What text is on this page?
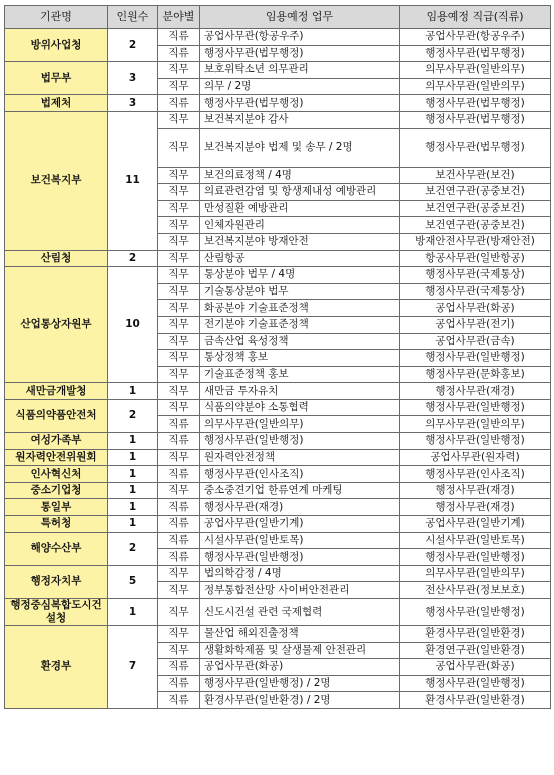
기관명	인원수	분야별	임용예정 업무	임용예정 직급(직류)
방위사업청	2	직류	공업사무관(항공우주)	공업사무관(항공우주)
		직류	행정사무관(법무행정)	행정사무관(법무행정)
법무부	3	직무	보호위탁소년 의무관리	의무사무관(일반의무)
		직무	의무 / 2명	의무사무관(일반의무)
법제처	3	직류	행정사무관(법무행정)	행정사무관(법무행정)
보건복지부	11	직무	보건복지분야 감사	행정사무관(법무행정)
		직무	보건복지분야 법제 및 송무 / 2명	행정사무관(법무행정)
		직무	보건의료정책 / 4명	보건사무관(보건)
		직무	의료관련감염 및 항생제내성 예방관리	보건연구관(공중보건)
		직무	만성질환 예방관리	보건연구관(공중보건)
		직무	인체자원관리	보건연구관(공중보건)
		직무	보건복지분야 방재안전	방재안전사무관(방재안전)
산림청	2	직무	산림항공	항공사무관(일반항공)
산업통상자원부	10	직무	통상분야 법무 / 4명	행정사무관(국제통상)
		직무	기술통상분야 법무	행정사무관(국제통상)
		직무	화공분야 기술표준정책	공업사무관(화공)
		직무	전기분야 기술표준정책	공업사무관(전기)
		직무	금속산업 육성정책	공업사무관(금속)
		직무	통상정책 홍보	행정사무관(일반행정)
		직무	기술표준정책 홍보	행정사무관(문화홍보)
새만금개발청	1	직무	새만금 투자유치	행정사무관(재경)
식품의약품안전처	2	직무	식품의약분야 소통협력	행정사무관(일반행정)
		직류	의무사무관(일반의무)	의무사무관(일반의무)
여성가족부	1	직류	행정사무관(일반행정)	행정사무관(일반행정)
원자력안전위원회	1	직무	원자력안전정책	공업사무관(원자력)
인사혁신처	1	직류	행정사무관(인사조직)	행정사무관(인사조직)
중소기업청	1	직무	중소중견기업 한류연계 마케팅	행정사무관(재경)
통일부	1	직류	행정사무관(재경)	행정사무관(재경)
특허청	1	직류	공업사무관(일반기계)	공업사무관(일반기계)
해양수산부	2	직류	시설사무관(일반토목)	시설사무관(일반토목)
		직류	행정사무관(일반행정)	행정사무관(일반행정)
행정자치부	5	직무	법의학감정 / 4명	의무사무관(일반의무)
		직무	정부통합전산망 사이버안전관리	전산사무관(정보보호)
행정중심복합도시건설청	1	직무	신도시건설 관련 국제협력	행정사무관(일반행정)
환경부	7	직무	물산업 해외진출정책	환경사무관(일반환경)
		직무	생활화학제품 및 살생물제 안전관리	환경연구관(일반환경)
		직류	공업사무관(화공)	공업사무관(화공)
		직류	행정사무관(일반행정) / 2명	행정사무관(일반행정)
		직류	환경사무관(일반환경) / 2명	환경사무관(일반환경)
